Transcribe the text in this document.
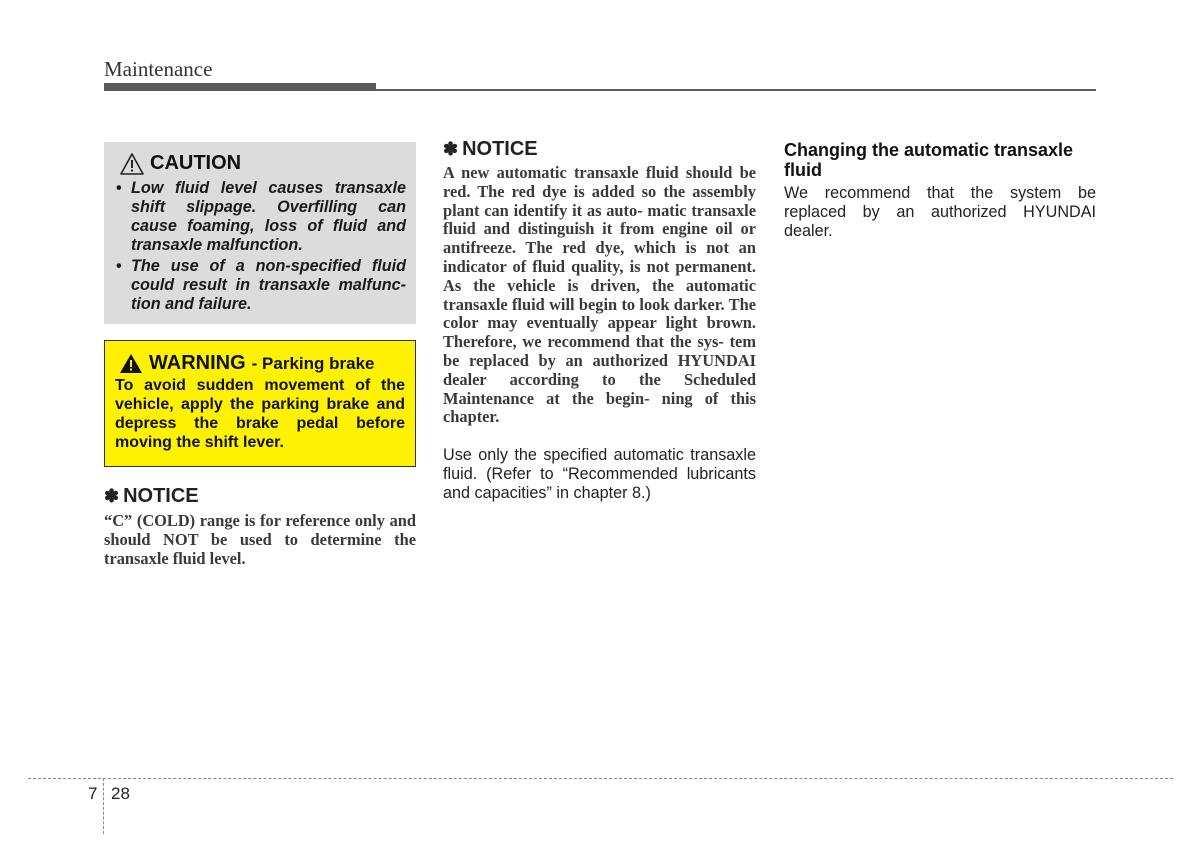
Maintenance
CAUTION
• Low fluid level causes transaxle shift slippage. Overfilling can cause foaming, loss of fluid and transaxle malfunction.
• The use of a non-specified fluid could result in transaxle malfunc- tion and failure.
WARNING - Parking brake
To avoid sudden movement of the vehicle, apply the parking brake and depress the brake pedal before moving the shift lever.
✽ NOTICE
“C” (COLD) range is for reference only and should NOT be used to determine the transaxle fluid level.
✽ NOTICE
A new automatic transaxle fluid should be red. The red dye is added so the assembly plant can identify it as auto- matic transaxle fluid and distinguish it from engine oil or antifreeze. The red dye, which is not an indicator of fluid quality, is not permanent. As the vehicle is driven, the automatic transaxle fluid will begin to look darker. The color may eventually appear light brown. Therefore, we recommend that the sys- tem be replaced by an authorized HYUNDAI dealer according to the Scheduled Maintenance at the begin- ning of this chapter.
Use only the specified automatic transaxle fluid. (Refer to “Recommended lubricants and capacities” in chapter 8.)
Changing the automatic transaxle fluid
We recommend that the system be replaced by an authorized HYUNDAI dealer.
7 28
